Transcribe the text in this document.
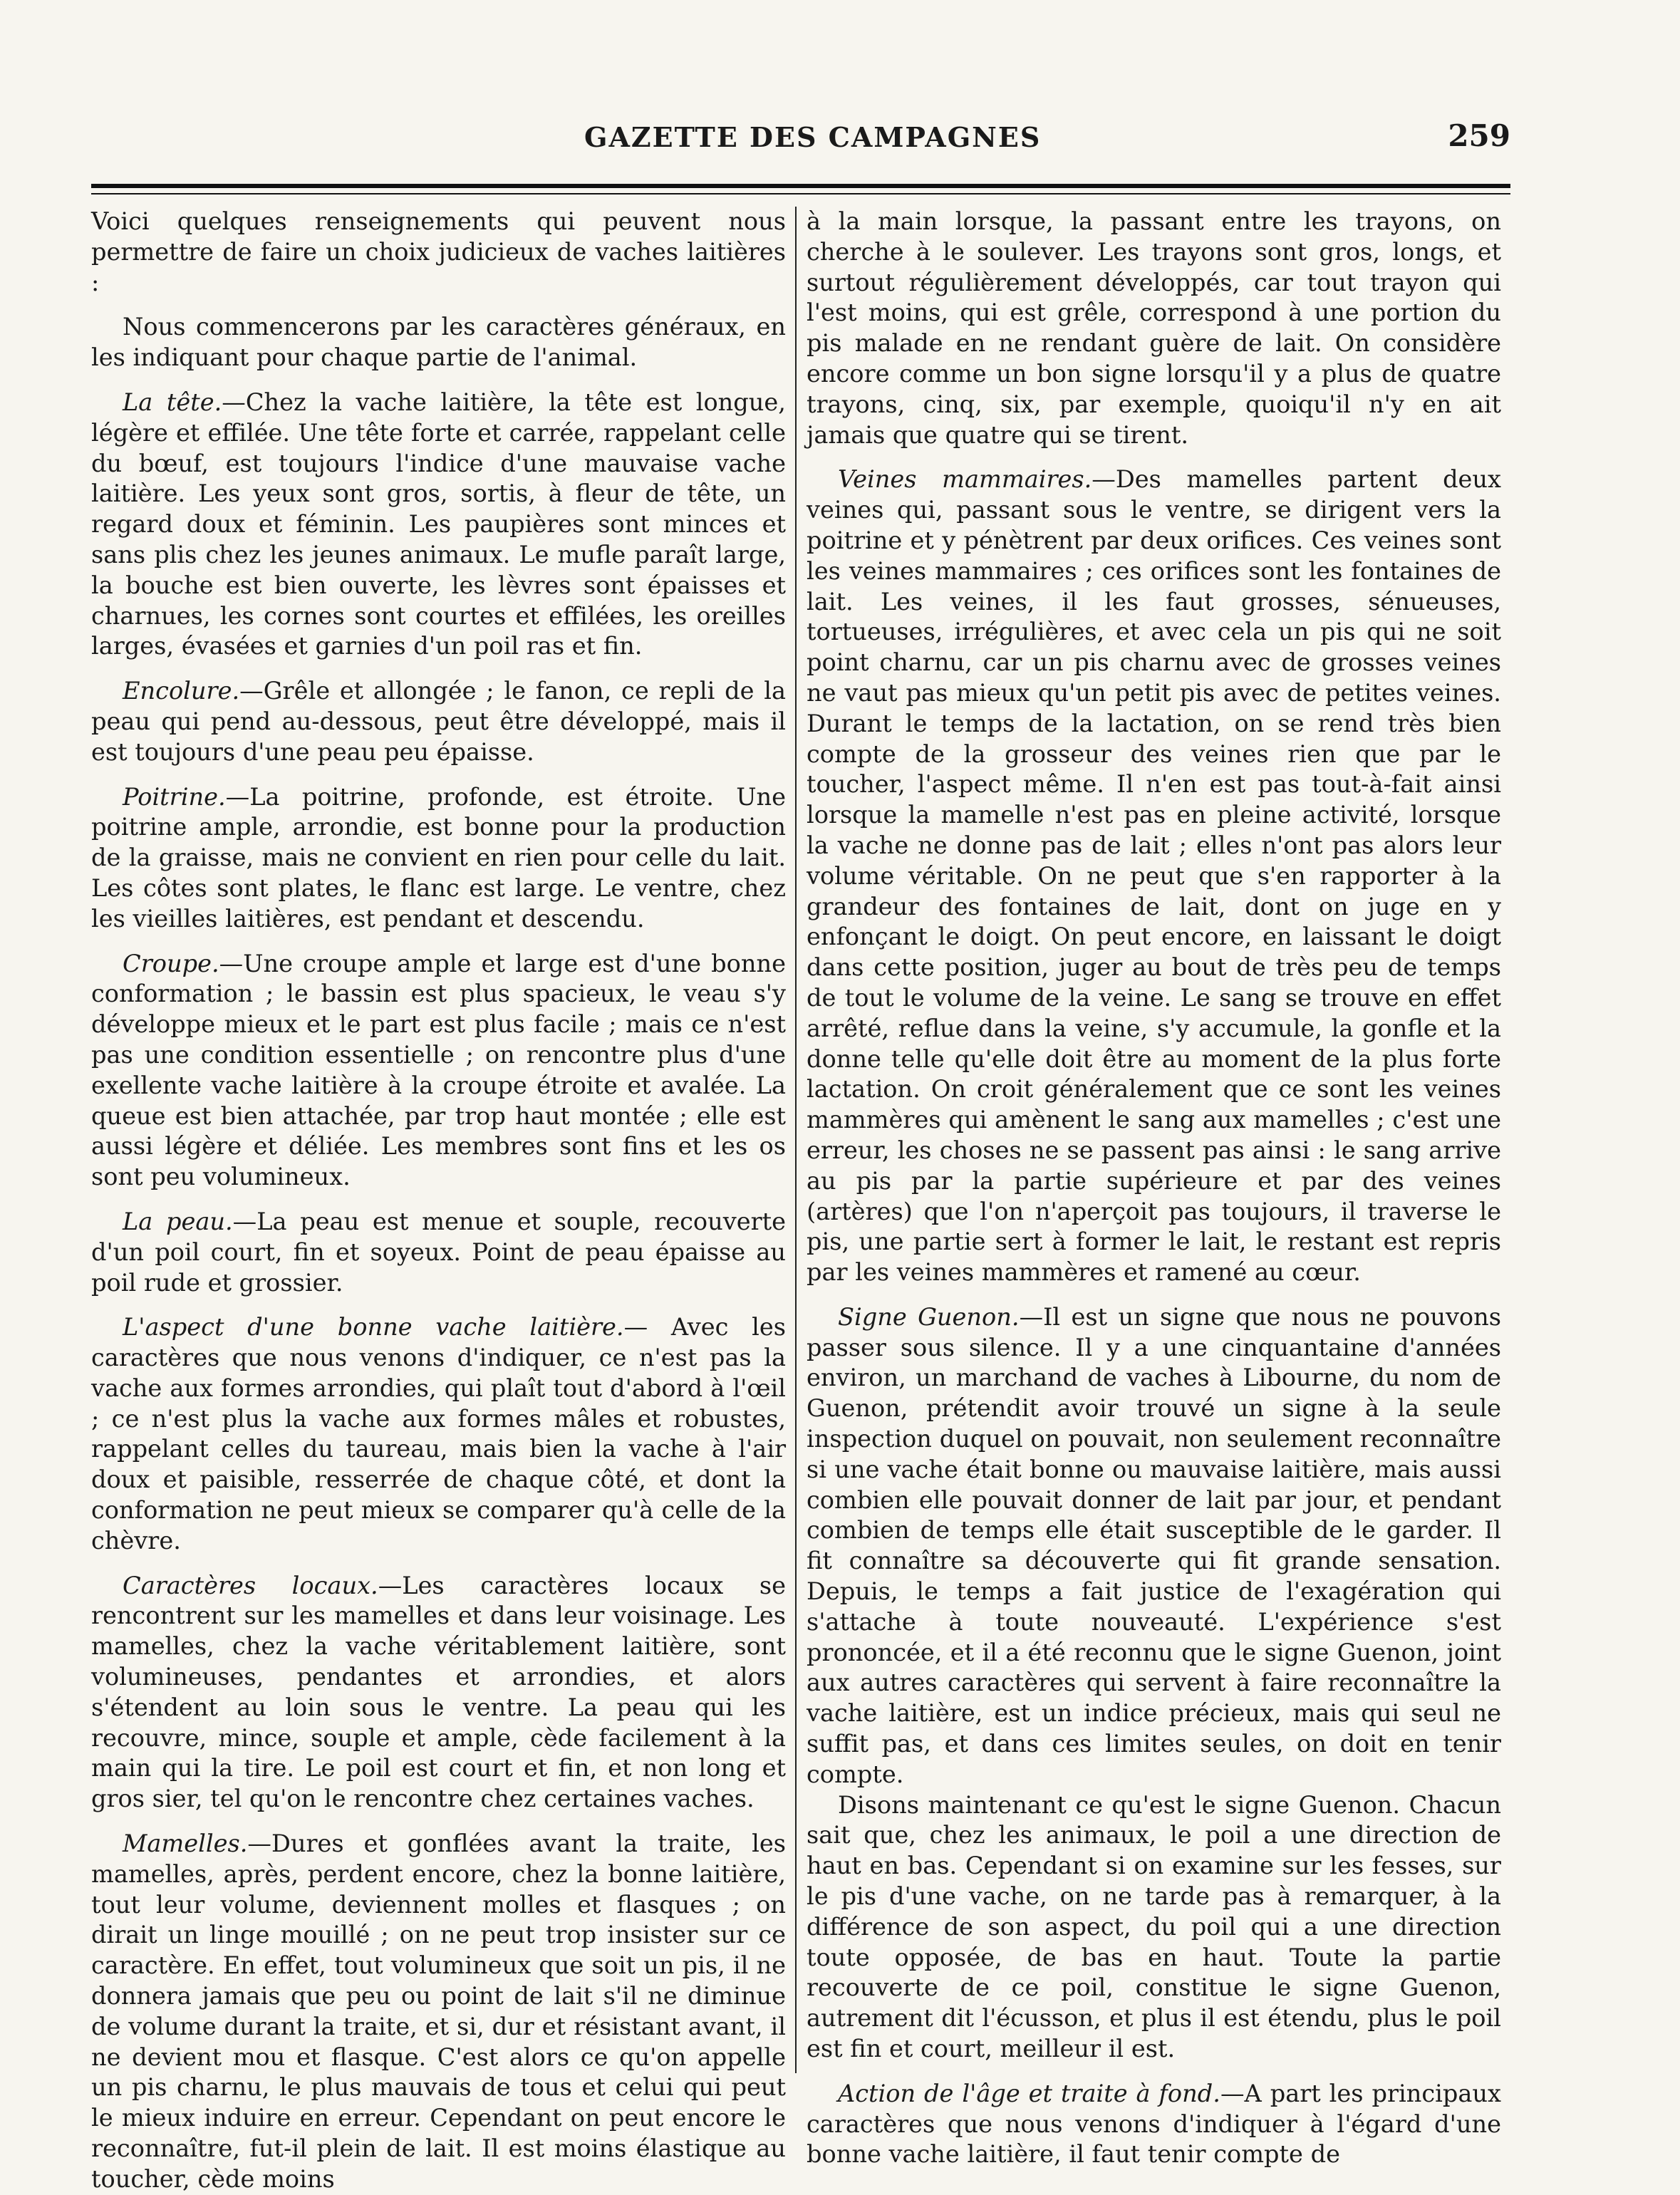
GAZETTE DES CAMPAGNES	259

Voici quelques renseignements qui peuvent nous permettre de faire un choix judicieux de vaches laitières :

Nous commencerons par les caractères généraux, en les indiquant pour chaque partie de l'animal.

La tête.—Chez la vache laitière, la tête est longue, légère et effilée. Une tête forte et carrée, rappelant celle du bœuf, est toujours l'indice d'une mauvaise vache laitière. Les yeux sont gros, sortis, à fleur de tête, un regard doux et féminin. Les paupières sont minces et sans plis chez les jeunes animaux. Le mufle paraît large, la bouche est bien ouverte, les lèvres sont épaisses et charnues, les cornes sont courtes et effilées, les oreilles larges, évasées et garnies d'un poil ras et fin.

Encolure.—Grêle et allongée ; le fanon, ce repli de la peau qui pend au-dessous, peut être développé, mais il est toujours d'une peau peu épaisse.

Poitrine.—La poitrine, profonde, est étroite. Une poitrine ample, arrondie, est bonne pour la production de la graisse, mais ne convient en rien pour celle du lait. Les côtes sont plates, le flanc est large. Le ventre, chez les vieilles laitières, est pendant et descendu.

Croupe.—Une croupe ample et large est d'une bonne conformation ; le bassin est plus spacieux, le veau s'y développe mieux et le part est plus facile ; mais ce n'est pas une condition essentielle ; on rencontre plus d'une exellente vache laitière à la croupe étroite et avalée. La queue est bien attachée, par trop haut montée ; elle est aussi légère et déliée. Les membres sont fins et les os sont peu volumineux.

La peau.—La peau est menue et souple, recouverte d'un poil court, fin et soyeux. Point de peau épaisse au poil rude et grossier.

L'aspect d'une bonne vache laitière.— Avec les caractères que nous venons d'indiquer, ce n'est pas la vache aux formes arrondies, qui plaît tout d'abord à l'œil ; ce n'est plus la vache aux formes mâles et robustes, rappelant celles du taureau, mais bien la vache à l'air doux et paisible, resserrée de chaque côté, et dont la conformation ne peut mieux se comparer qu'à celle de la chèvre.

Caractères locaux.—Les caractères locaux se rencontrent sur les mamelles et dans leur voisinage. Les mamelles, chez la vache véritablement laitière, sont volumineuses, pendantes et arrondies, et alors s'étendent au loin sous le ventre. La peau qui les recouvre, mince, souple et ample, cède facilement à la main qui la tire. Le poil est court et fin, et non long et gros sier, tel qu'on le rencontre chez certaines vaches.

Mamelles.—Dures et gonflées avant la traite, les mamelles, après, perdent encore, chez la bonne laitière, tout leur volume, deviennent molles et flasques ; on dirait un linge mouillé ; on ne peut trop insister sur ce caractère. En effet, tout volumineux que soit un pis, il ne donnera jamais que peu ou point de lait s'il ne diminue de volume durant la traite, et si, dur et résistant avant, il ne devient mou et flasque. C'est alors ce qu'on appelle un pis charnu, le plus mauvais de tous et celui qui peut le mieux induire en erreur. Cependant on peut encore le reconnaître, fut-il plein de lait. Il est moins élastique au toucher, cède moins

à la main lorsque, la passant entre les trayons, on cherche à le soulever. Les trayons sont gros, longs, et surtout régulièrement développés, car tout trayon qui l'est moins, qui est grêle, correspond à une portion du pis malade en ne rendant guère de lait. On considère encore comme un bon signe lorsqu'il y a plus de quatre trayons, cinq, six, par exemple, quoiqu'il n'y en ait jamais que quatre qui se tirent.

Veines mammaires.—Des mamelles partent deux veines qui, passant sous le ventre, se dirigent vers la poitrine et y pénètrent par deux orifices. Ces veines sont les veines mammaires ; ces orifices sont les fontaines de lait. Les veines, il les faut grosses, sénueuses, tortueuses, irrégulières, et avec cela un pis qui ne soit point charnu, car un pis charnu avec de grosses veines ne vaut pas mieux qu'un petit pis avec de petites veines. Durant le temps de la lactation, on se rend très bien compte de la grosseur des veines rien que par le toucher, l'aspect même. Il n'en est pas tout-à-fait ainsi lorsque la mamelle n'est pas en pleine activité, lorsque la vache ne donne pas de lait ; elles n'ont pas alors leur volume véritable. On ne peut que s'en rapporter à la grandeur des fontaines de lait, dont on juge en y enfonçant le doigt. On peut encore, en laissant le doigt dans cette position, juger au bout de très peu de temps de tout le volume de la veine. Le sang se trouve en effet arrêté, reflue dans la veine, s'y accumule, la gonfle et la donne telle qu'elle doit être au moment de la plus forte lactation. On croit généralement que ce sont les veines mammères qui amènent le sang aux mamelles ; c'est une erreur, les choses ne se passent pas ainsi : le sang arrive au pis par la partie supérieure et par des veines (artères) que l'on n'aperçoit pas toujours, il traverse le pis, une partie sert à former le lait, le restant est repris par les veines mammères et ramené au cœur.

Signe Guenon.—Il est un signe que nous ne pouvons passer sous silence. Il y a une cinquantaine d'années environ, un marchand de vaches à Libourne, du nom de Guenon, prétendit avoir trouvé un signe à la seule inspection duquel on pouvait, non seulement reconnaître si une vache était bonne ou mauvaise laitière, mais aussi combien elle pouvait donner de lait par jour, et pendant combien de temps elle était susceptible de le garder. Il fit connaître sa découverte qui fit grande sensation. Depuis, le temps a fait justice de l'exagération qui s'attache à toute nouveauté. L'expérience s'est prononcée, et il a été reconnu que le signe Guenon, joint aux autres caractères qui servent à faire reconnaître la vache laitière, est un indice précieux, mais qui seul ne suffit pas, et dans ces limites seules, on doit en tenir compte.

Disons maintenant ce qu'est le signe Guenon. Chacun sait que, chez les animaux, le poil a une direction de haut en bas. Cependant si on examine sur les fesses, sur le pis d'une vache, on ne tarde pas à remarquer, à la différence de son aspect, du poil qui a une direction toute opposée, de bas en haut. Toute la partie recouverte de ce poil, constitue le signe Guenon, autrement dit l'écusson, et plus il est étendu, plus le poil est fin et court, meilleur il est.

Action de l'âge et traite à fond.—A part les principaux caractères que nous venons d'indiquer à l'égard d'une bonne vache laitière, il faut tenir compte de
